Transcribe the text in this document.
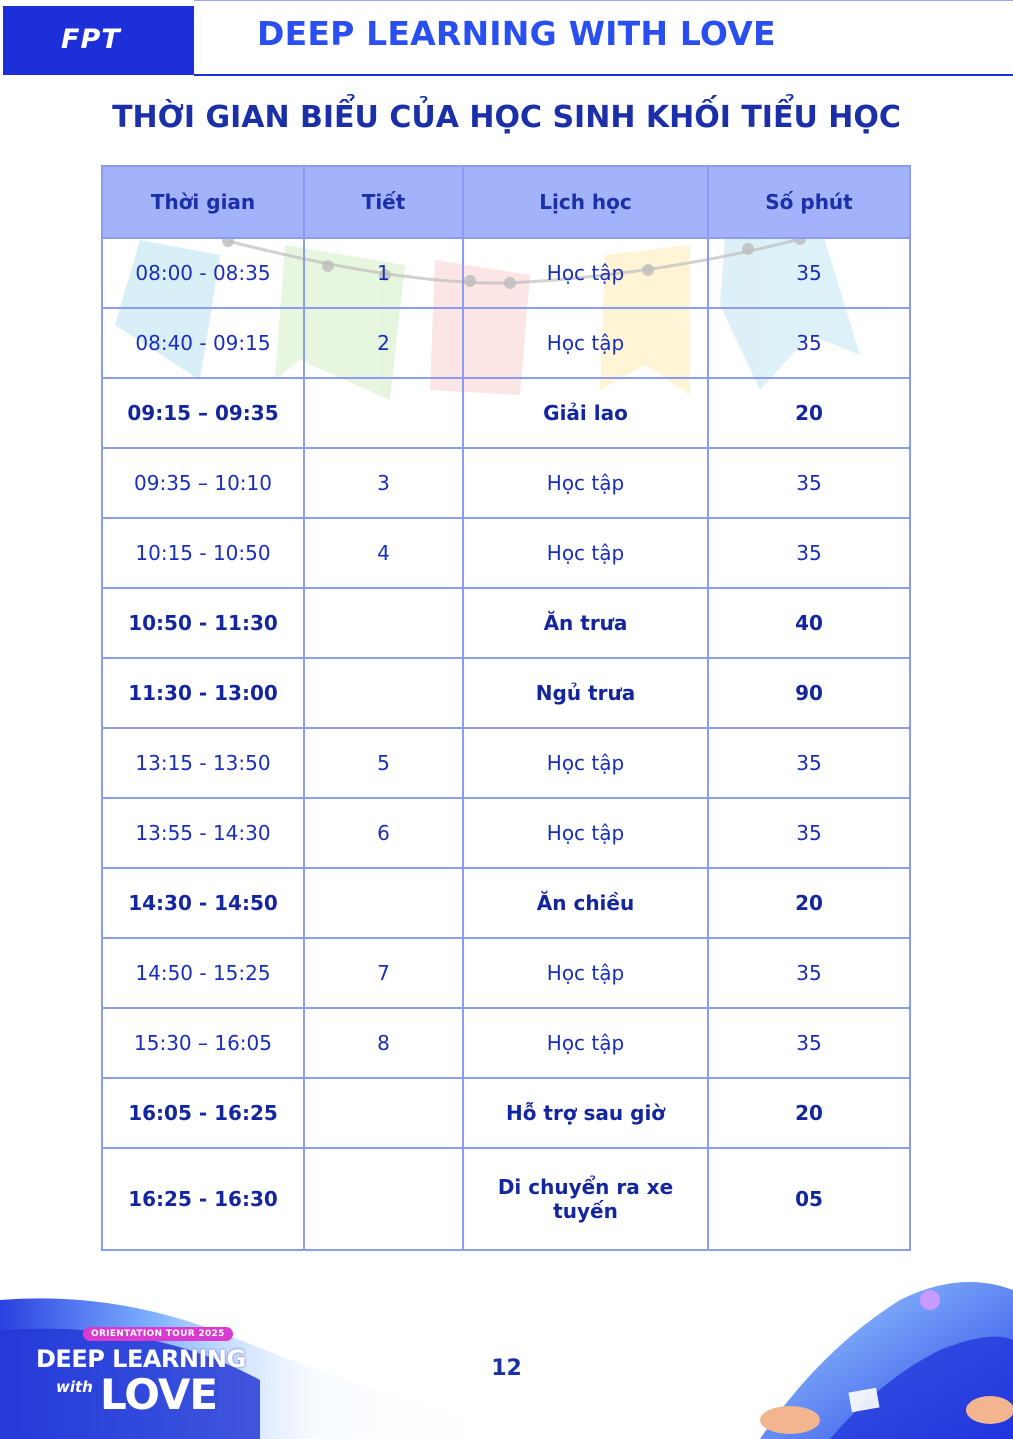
FPT	DEEP LEARNING WITH LOVE
THỜI GIAN BIỂU CỦA HỌC SINH KHỐI TIỂU HỌC
Thời gian	Tiết	Lịch học	Số phút
08:00 - 08:35	1	Học tập	35
08:40 - 09:15	2	Học tập	35
09:15 – 09:35		Giải lao	20
09:35 – 10:10	3	Học tập	35
10:15 - 10:50	4	Học tập	35
10:50 - 11:30		Ăn trưa	40
11:30 - 13:00		Ngủ trưa	90
13:15 - 13:50	5	Học tập	35
13:55 - 14:30	6	Học tập	35
14:30 - 14:50		Ăn chiều	20
14:50 - 15:25	7	Học tập	35
15:30 – 16:05	8	Học tập	35
16:05 - 16:25		Hỗ trợ sau giờ	20
16:25 - 16:30		Di chuyển ra xe tuyến	05
ORIENTATION TOUR 2025
DEEP LEARNING
with LOVE
12
